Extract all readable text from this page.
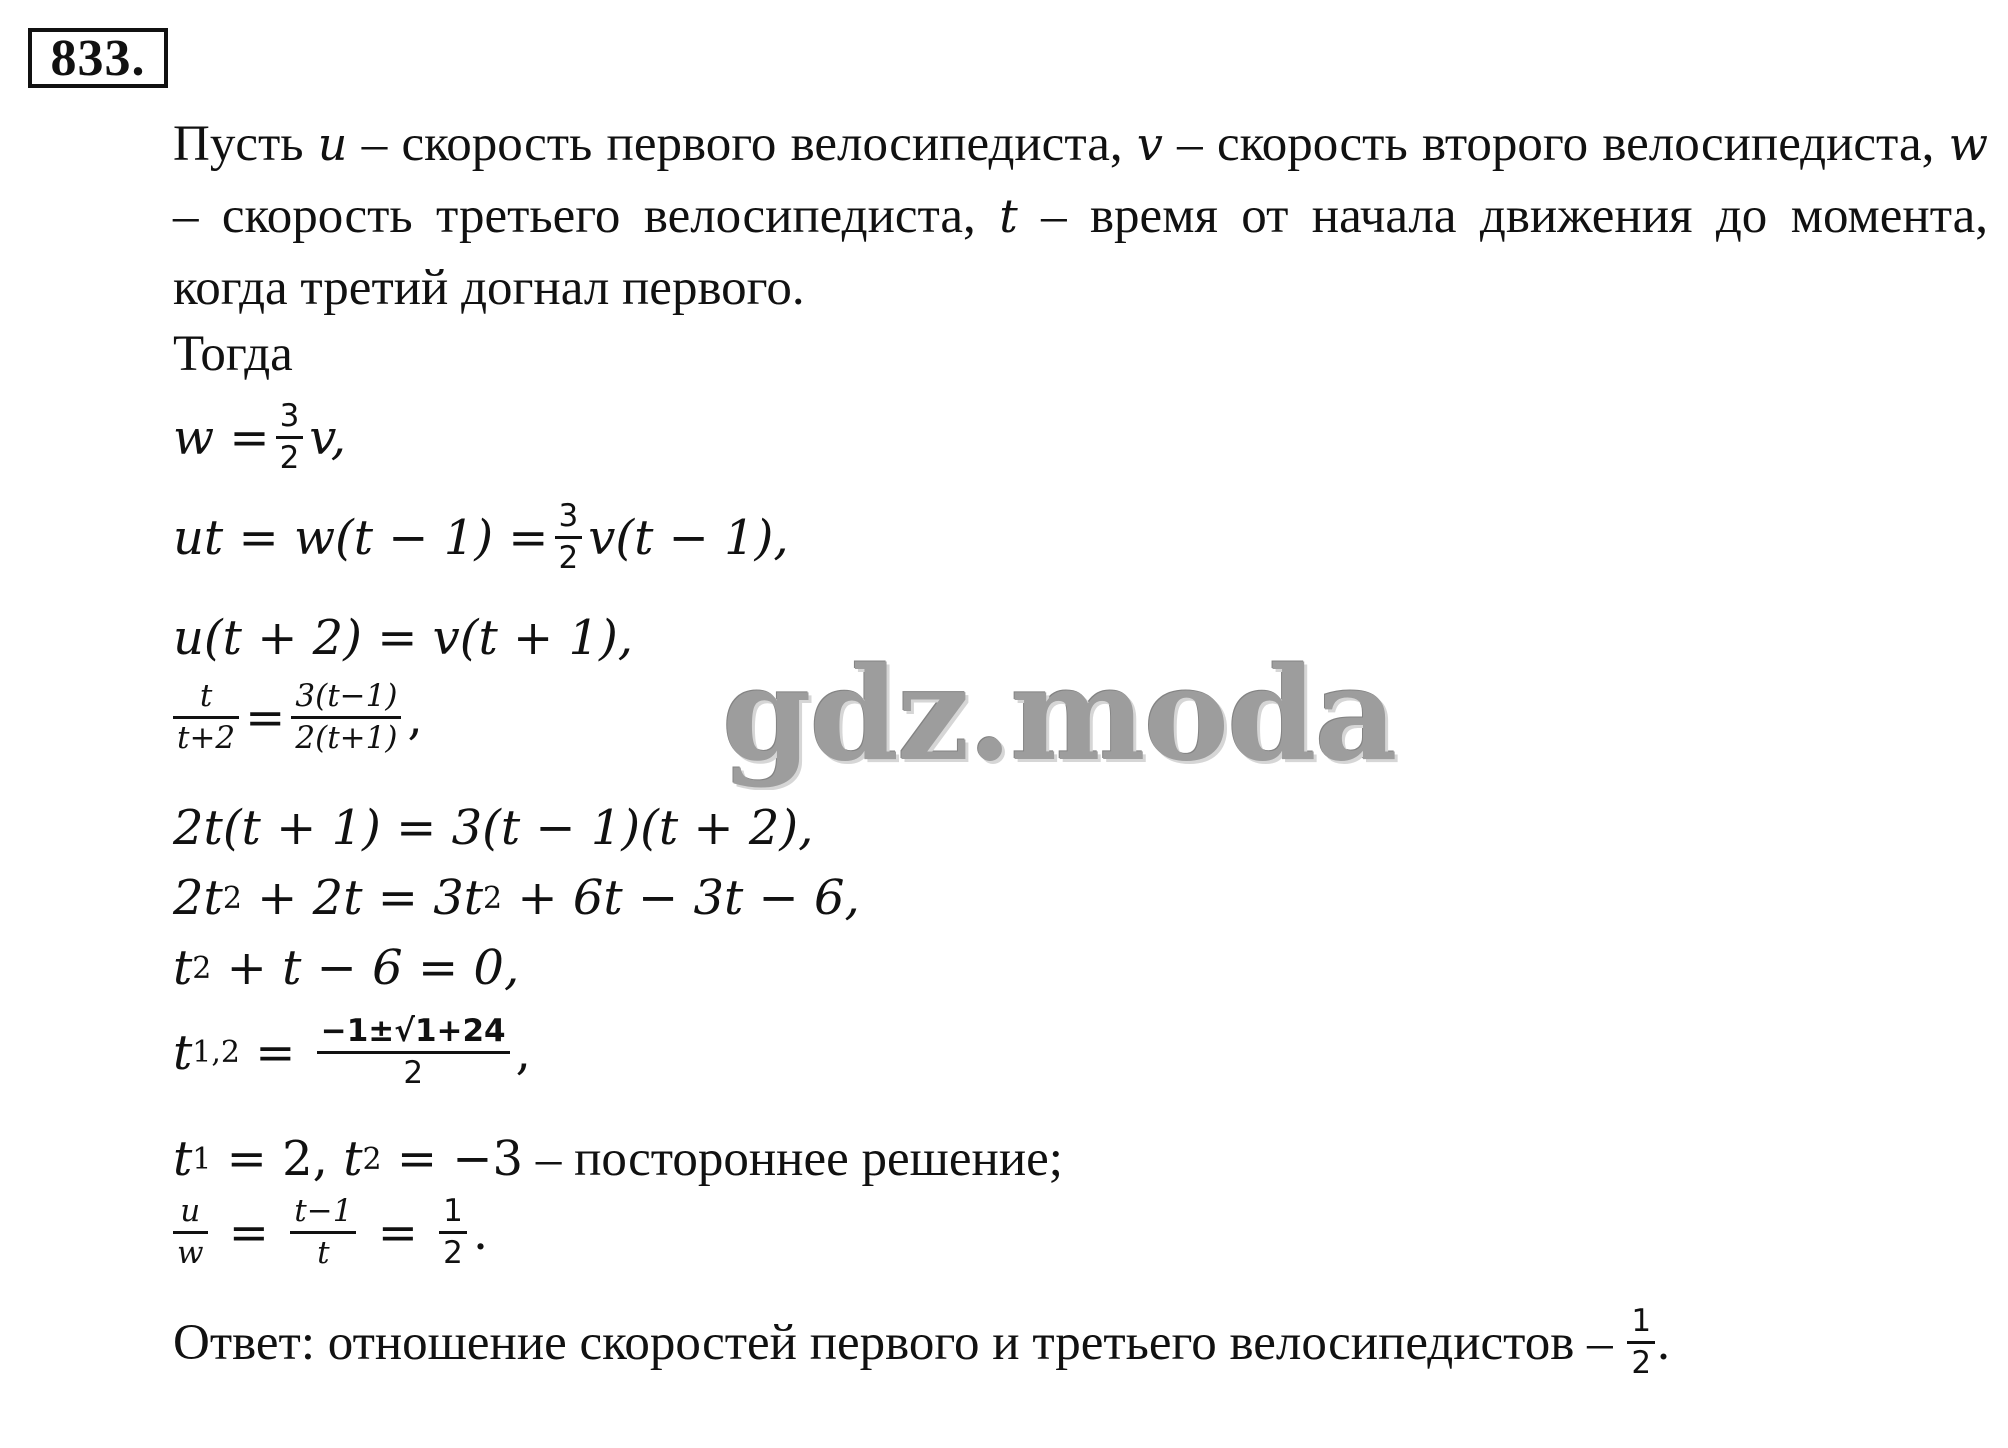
833.
Пусть u – скорость первого велосипедиста, v – скорость второго велосипедиста, w – скорость третьего велосипедиста, t – время от начала движения до момента, когда третий догнал первого.
Тогда
$w = \frac{3}{2} v$,
ut = $w(t - 1) = \frac{3}{2} v(t - 1)$,
u(t + 2) = v(t + 1),
$\frac{t}{t+2} = \frac{3(t-1)}{2(t+1)}$ ,
2t(t + 1) = 3(t − 1)(t + 2),
2t 2 + 2t = 3t 2 + 6t − 3t − 6,
t 2 + t − 6 = 0,
t $1,2 = \frac{-1\pm√1+24}{2}$ ,
t 1 = 2, t 2 = −3 – постороннее решение;
$\frac{u}{w} = \frac{t-1}{t} = \frac{1}{2}$ .
Ответ: отношение скоростей первого и третьего велосипедистов – $\frac{1}{2}$ .
gdz.moda
